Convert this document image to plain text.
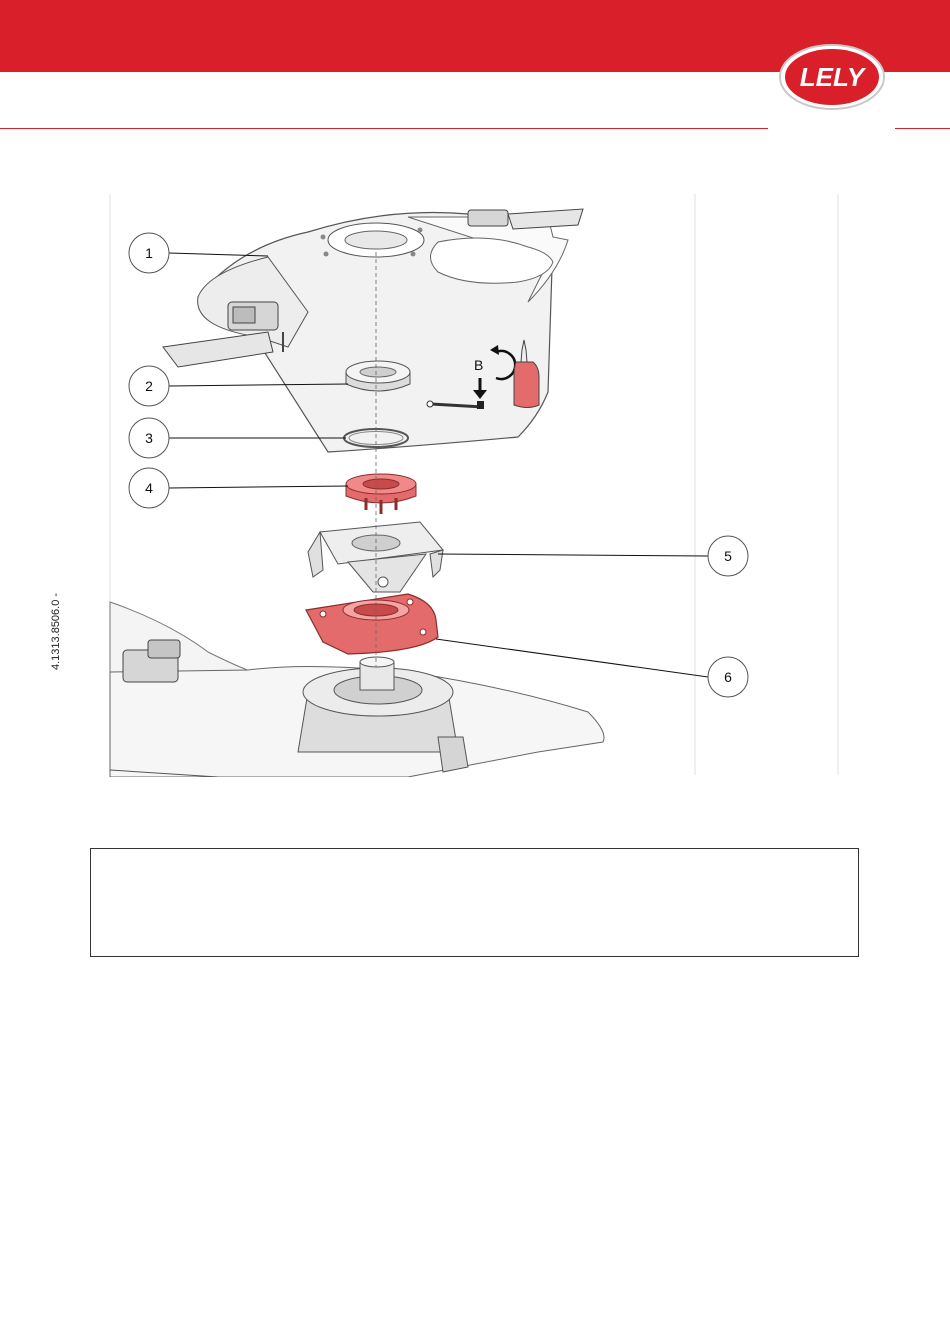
LELY
4.1313.8506.0 -
B
1
2
3
4
5
6
